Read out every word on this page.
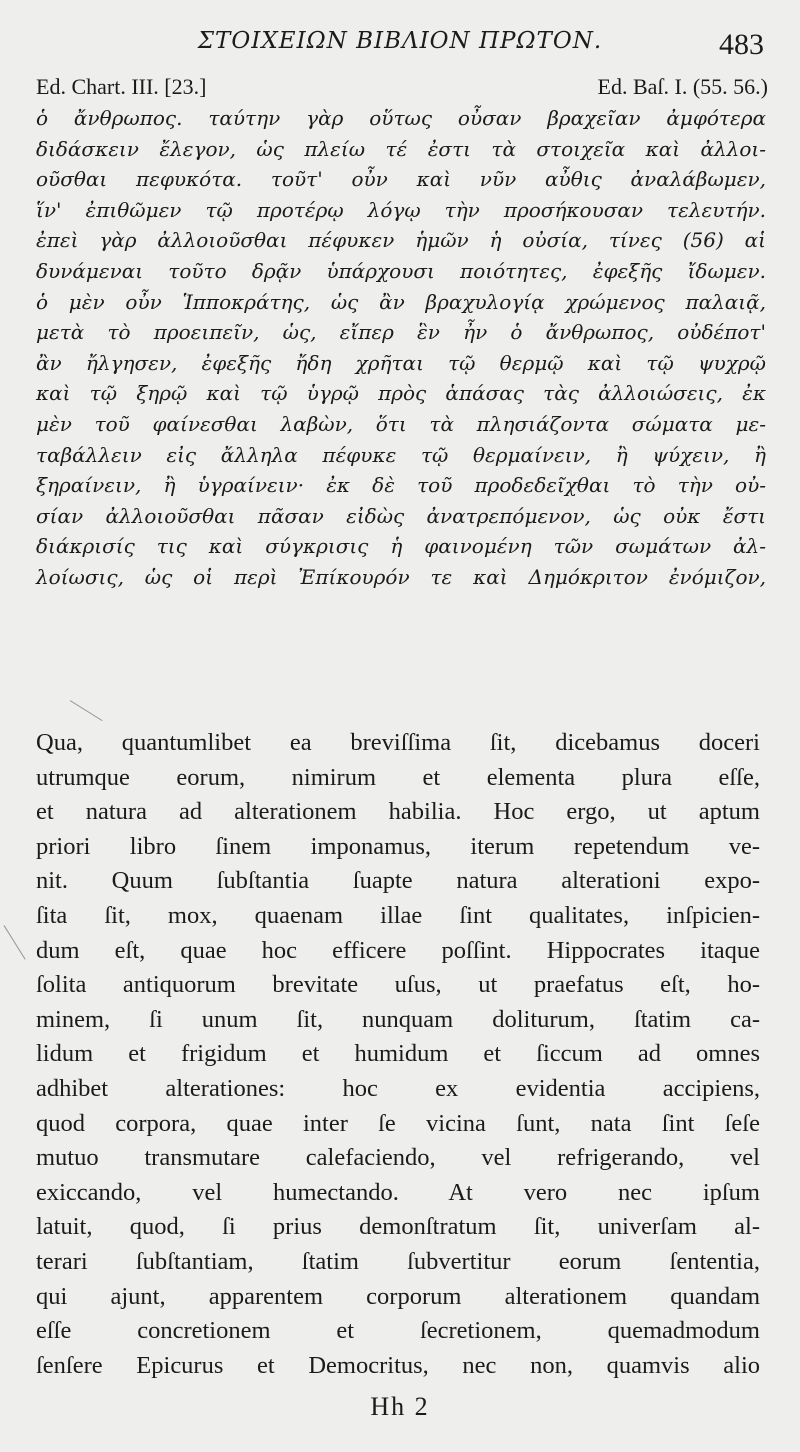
ΣΤΟΙΧΕΙΩΝ ΒΙΒΛΙΟΝ ΠΡΩΤΟΝ.	483
Ed. Chart. III. [23.]	Ed. Baſ. I. (55. 56.)
ὁ ἄνθρωπος. ταύτην γὰρ οὕτως οὖσαν βραχεῖαν ἀμφότερα
διδάσκειν ἔλεγον, ὡς πλείω τέ ἐστι τὰ στοιχεῖα καὶ ἀλλοι-
οῦσθαι πεφυκότα. τοῦτ' οὖν καὶ νῦν αὖθις ἀναλάβωμεν,
ἵν' ἐπιθῶμεν τῷ προτέρῳ λόγῳ τὴν προσήκουσαν τελευτήν.
ἐπεὶ γὰρ ἀλλοιοῦσθαι πέφυκεν ἡμῶν ἡ οὐσία, τίνες (56) αἱ
δυνάμεναι τοῦτο δρᾷν ὑπάρχουσι ποιότητες, ἐφεξῆς ἴδωμεν.
ὁ μὲν οὖν Ἱπποκράτης, ὡς ἂν βραχυλογίᾳ χρώμενος παλαιᾷ,
μετὰ τὸ προειπεῖν, ὡς, εἴπερ ἓν ἦν ὁ ἄνθρωπος, οὐδέποτ'
ἂν ἤλγησεν, ἐφεξῆς ἤδη χρῆται τῷ θερμῷ καὶ τῷ ψυχρῷ
καὶ τῷ ξηρῷ καὶ τῷ ὑγρῷ πρὸς ἁπάσας τὰς ἀλλοιώσεις, ἐκ
μὲν τοῦ φαίνεσθαι λαβὼν, ὅτι τὰ πλησιάζοντα σώματα με-
ταβάλλειν εἰς ἄλληλα πέφυκε τῷ θερμαίνειν, ἢ ψύχειν, ἢ
ξηραίνειν, ἢ ὑγραίνειν· ἐκ δὲ τοῦ προδεδεῖχθαι τὸ τὴν οὐ-
σίαν ἀλλοιοῦσθαι πᾶσαν εἰδὼς ἀνατρεπόμενον, ὡς οὐκ ἔστι
διάκρισίς τις καὶ σύγκρισις ἡ φαινομένη τῶν σωμάτων ἀλ-
λοίωσις, ὡς οἱ περὶ Ἐπίκουρόν τε καὶ Δημόκριτον ἐνόμιζον,
Qua, quantumlibet ea breviſſima ſit, dicebamus doceri
utrumque eorum, nimirum et elementa plura eſſe,
et natura ad alterationem habilia. Hoc ergo, ut aptum
priori libro ſinem imponamus, iterum repetendum ve-
nit. Quum ſubſtantia ſuapte natura alterationi expo-
ſita ſit, mox, quaenam illae ſint qualitates, inſpicien-
dum eſt, quae hoc efficere poſſint. Hippocrates itaque
ſolita antiquorum brevitate uſus, ut praefatus eſt, ho-
minem, ſi unum ſit, nunquam doliturum, ſtatim ca-
lidum et frigidum et humidum et ſiccum ad omnes
adhibet alterationes: hoc ex evidentia accipiens,
quod corpora, quae inter ſe vicina ſunt, nata ſint ſeſe
mutuo transmutare calefaciendo, vel refrigerando, vel
exiccando, vel humectando. At vero nec ipſum
latuit, quod, ſi prius demonſtratum ſit, univerſam al-
terari ſubſtantiam, ſtatim ſubvertitur eorum ſententia,
qui ajunt, apparentem corporum alterationem quandam
eſſe concretionem et ſecretionem, quemadmodum
ſenſere Epicurus et Democritus, nec non, quamvis alio
Hh 2
